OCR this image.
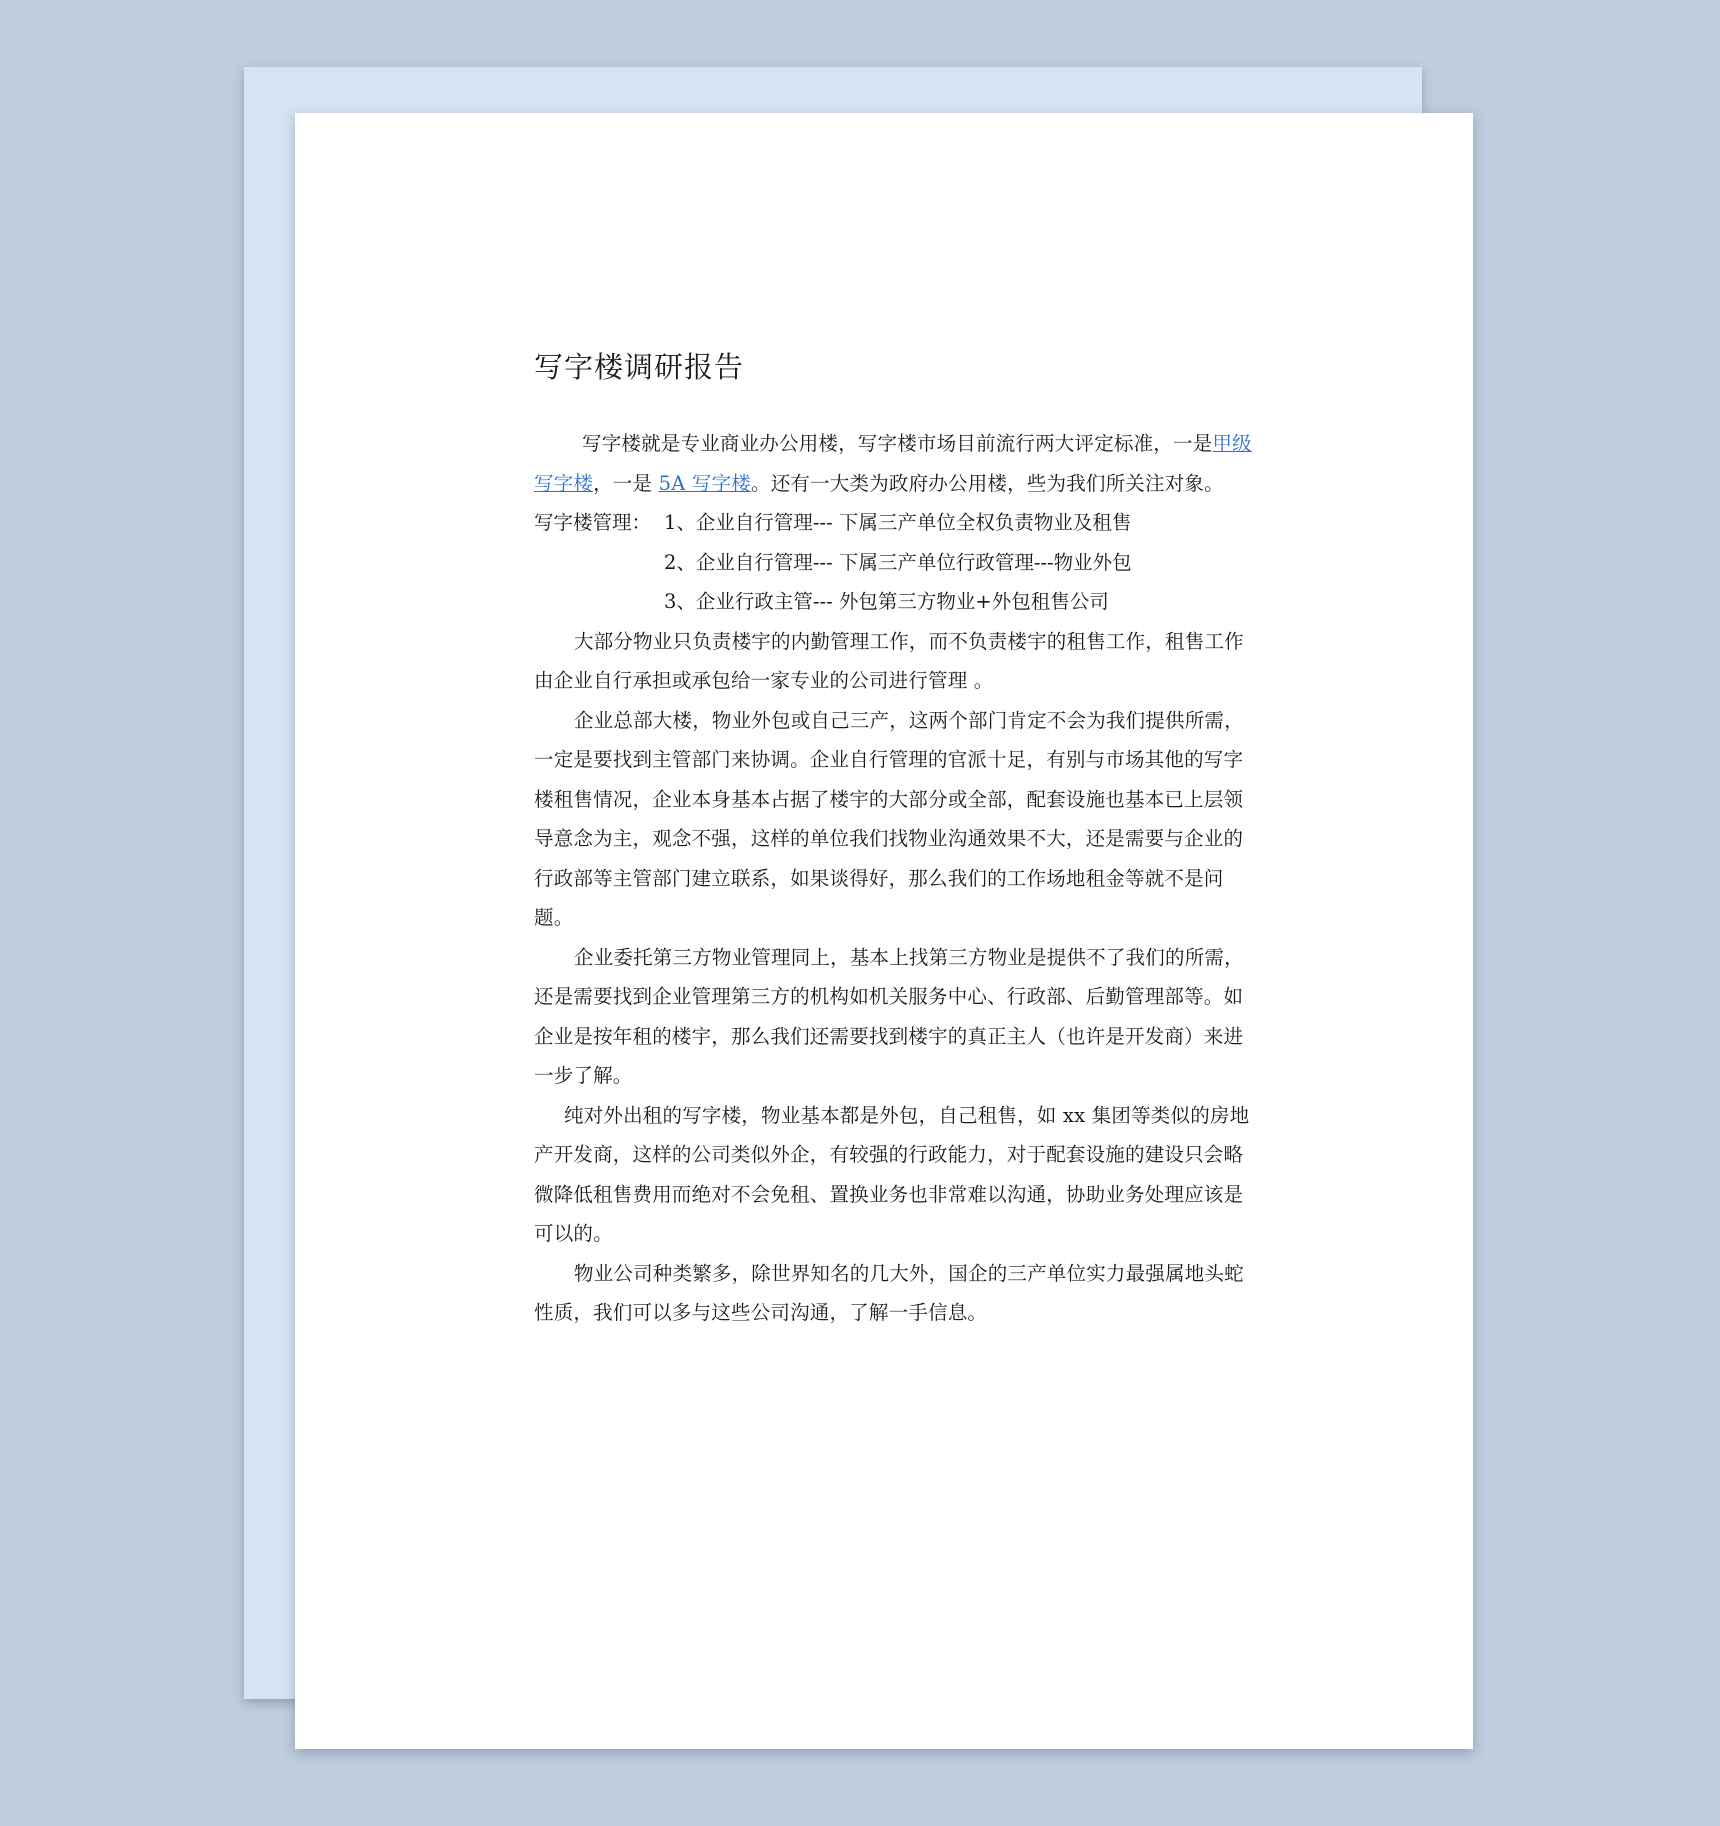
写字楼调研报告

写字楼就是专业商业办公用楼，写字楼市场目前流行两大评定标准，一是甲级写字楼，一是 5A 写字楼。还有一大类为政府办公用楼，些为我们所关注对象。

写字楼管理： 1、企业自行管理--- 下属三产单位全权负责物业及租售
2、企业自行管理--- 下属三产单位行政管理---物业外包
3、企业行政主管--- 外包第三方物业+外包租售公司

大部分物业只负责楼宇的内勤管理工作，而不负责楼宇的租售工作，租售工作由企业自行承担或承包给一家专业的公司进行管理 。

企业总部大楼，物业外包或自己三产，这两个部门肯定不会为我们提供所需，一定是要找到主管部门来协调。企业自行管理的官派十足，有别与市场其他的写字楼租售情况，企业本身基本占据了楼宇的大部分或全部，配套设施也基本已上层领导意念为主，观念不强，这样的单位我们找物业沟通效果不大，还是需要与企业的行政部等主管部门建立联系，如果谈得好，那么我们的工作场地租金等就不是问题。

企业委托第三方物业管理同上，基本上找第三方物业是提供不了我们的所需，还是需要找到企业管理第三方的机构如机关服务中心、行政部、后勤管理部等。如企业是按年租的楼宇，那么我们还需要找到楼宇的真正主人（也许是开发商）来进一步了解。

纯对外出租的写字楼，物业基本都是外包，自己租售，如 xx 集团等类似的房地产开发商，这样的公司类似外企，有较强的行政能力，对于配套设施的建设只会略微降低租售费用而绝对不会免租、置换业务也非常难以沟通，协助业务处理应该是可以的。

物业公司种类繁多，除世界知名的几大外，国企的三产单位实力最强属地头蛇性质，我们可以多与这些公司沟通，了解一手信息。
